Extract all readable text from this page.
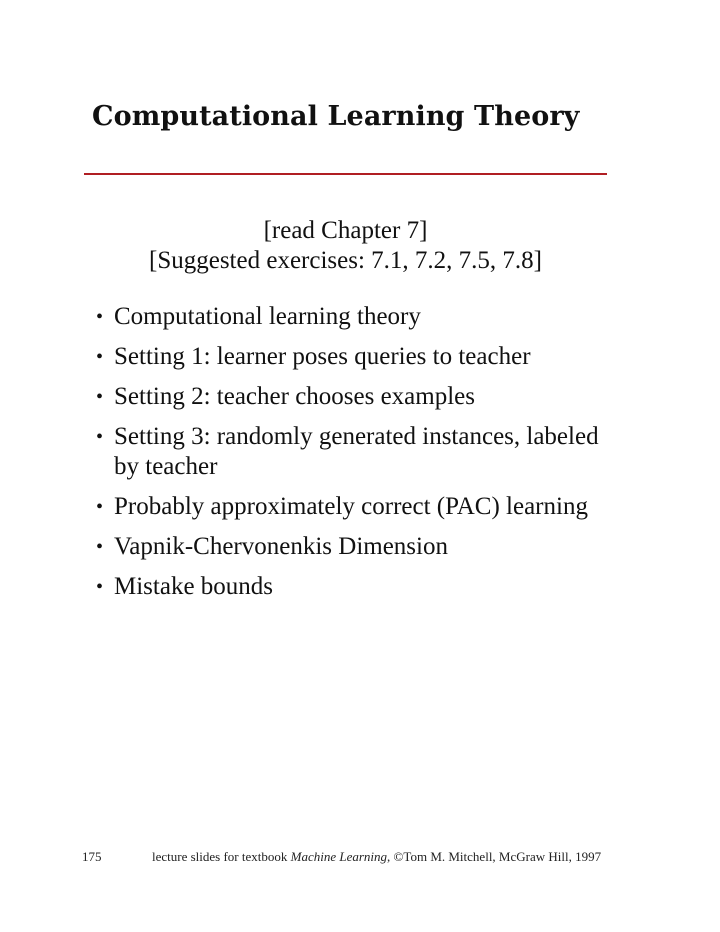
Computational Learning Theory
[read Chapter 7]
[Suggested exercises: 7.1, 7.2, 7.5, 7.8]
• Computational learning theory
• Setting 1: learner poses queries to teacher
• Setting 2: teacher chooses examples
• Setting 3: randomly generated instances, labeled
by teacher
• Probably approximately correct (PAC) learning
• Vapnik-Chervonenkis Dimension
• Mistake bounds
175	lecture slides for textbook Machine Learning, ©Tom M. Mitchell, McGraw Hill, 1997
